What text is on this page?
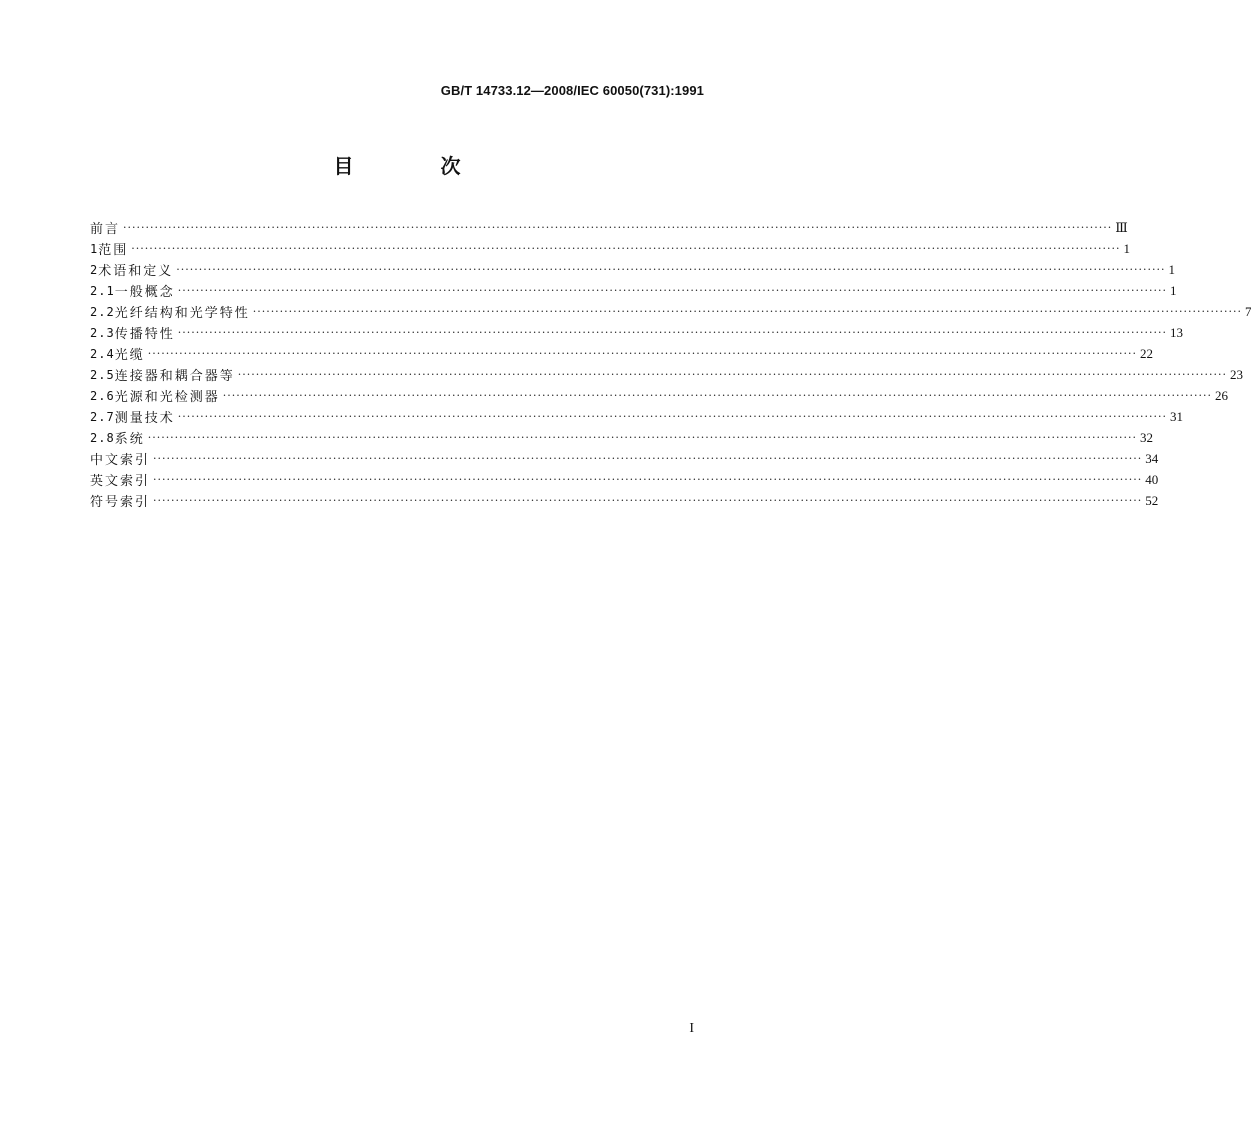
GB/T 14733.12—2008/IEC 60050(731):1991
目 次
前言 ···························································································································································································································· Ⅲ
1 范围 ···························································································································································································································· 1
2 术语和定义 ···························································································································································································································· 1
2.1 一般概念 ···························································································································································································································· 1
2.2 光纤结构和光学特性 ···························································································································································································································· 7
2.3 传播特性 ···························································································································································································································· 13
2.4 光缆 ···························································································································································································································· 22
2.5 连接器和耦合器等 ···························································································································································································································· 23
2.6 光源和光检测器 ···························································································································································································································· 26
2.7 测量技术 ···························································································································································································································· 31
2.8 系统 ···························································································································································································································· 32
中文索引 ···························································································································································································································· 34
英文索引 ···························································································································································································································· 40
符号索引 ···························································································································································································································· 52
I
